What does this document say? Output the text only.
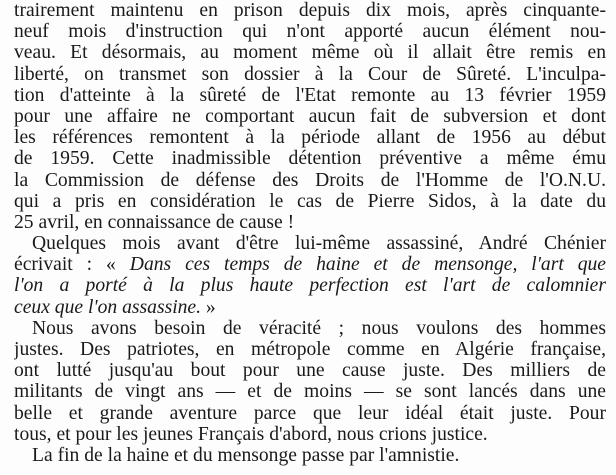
trairement maintenu en prison depuis dix mois, après cinquante-
neuf mois d'instruction qui n'ont apporté aucun élément nou-
veau. Et désormais, au moment même où il allait être remis en
liberté, on transmet son dossier à la Cour de Sûreté. L'inculpa-
tion d'atteinte à la sûreté de l'Etat remonte au 13 février 1959
pour une affaire ne comportant aucun fait de subversion et dont
les références remontent à la période allant de 1956 au début
de 1959. Cette inadmissible détention préventive a même ému
la Commission de défense des Droits de l'Homme de l'O.N.U.
qui a pris en considération le cas de Pierre Sidos, à la date du
25 avril, en connaissance de cause !
Quelques mois avant d'être lui-même assassiné, André Chénier
écrivait : « Dans ces temps de haine et de mensonge, l'art que
l'on a porté à la plus haute perfection est l'art de calomnier
ceux que l'on assassine. »
Nous avons besoin de véracité ; nous voulons des hommes
justes. Des patriotes, en métropole comme en Algérie française,
ont lutté jusqu'au bout pour une cause juste. Des milliers de
militants de vingt ans — et de moins — se sont lancés dans une
belle et grande aventure parce que leur idéal était juste. Pour
tous, et pour les jeunes Français d'abord, nous crions justice.
La fin de la haine et du mensonge passe par l'amnistie.
